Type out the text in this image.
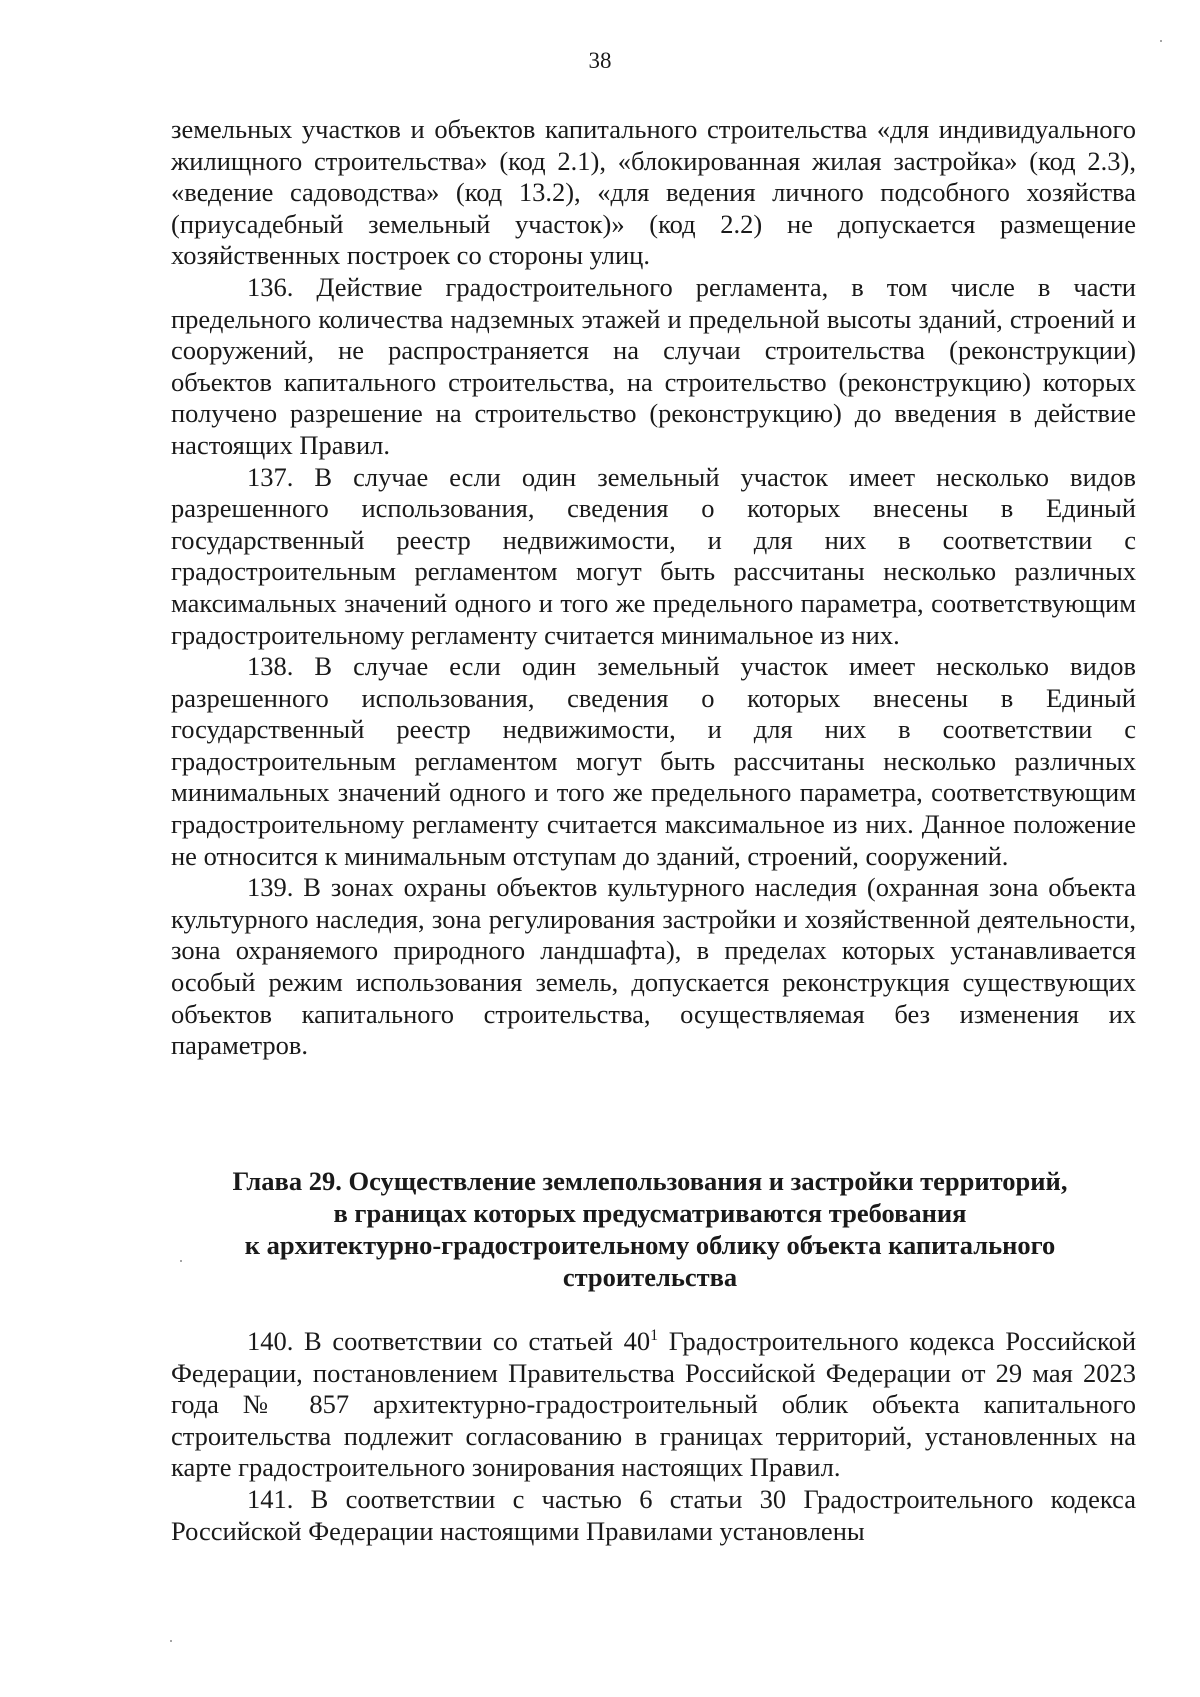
38

земельных участков и объектов капитального строительства «для индивидуального жилищного строительства» (код 2.1), «блокированная жилая застройка» (код 2.3), «ведение садоводства» (код 13.2), «для ведения личного подсобного хозяйства (приусадебный земельный участок)» (код 2.2) не допускается размещение хозяйственных построек со стороны улиц.

136. Действие градостроительного регламента, в том числе в части предельного количества надземных этажей и предельной высоты зданий, строений и сооружений, не распространяется на случаи строительства (реконструкции) объектов капитального строительства, на строительство (реконструкцию) которых получено разрешение на строительство (реконструкцию) до введения в действие настоящих Правил.

137. В случае если один земельный участок имеет несколько видов разрешенного использования, сведения о которых внесены в Единый государственный реестр недвижимости, и для них в соответствии с градостроительным регламентом могут быть рассчитаны несколько различных максимальных значений одного и того же предельного параметра, соответствующим градостроительному регламенту считается минимальное из них.

138. В случае если один земельный участок имеет несколько видов разрешенного использования, сведения о которых внесены в Единый государственный реестр недвижимости, и для них в соответствии с градостроительным регламентом могут быть рассчитаны несколько различных минимальных значений одного и того же предельного параметра, соответствующим градостроительному регламенту считается максимальное из них. Данное положение не относится к минимальным отступам до зданий, строений, сооружений.

139. В зонах охраны объектов культурного наследия (охранная зона объекта культурного наследия, зона регулирования застройки и хозяйственной деятельности, зона охраняемого природного ландшафта), в пределах которых устанавливается особый режим использования земель, допускается реконструкция существующих объектов капитального строительства, осуществляемая без изменения их параметров.

Глава 29. Осуществление землепользования и застройки территорий,
в границах которых предусматриваются требования
к архитектурно-градостроительному облику объекта капитального
строительства

140. В соответствии со статьей $40^1$ Градостроительного кодекса Российской Федерации, постановлением Правительства Российской Федерации от 29 мая 2023 года № 857 архитектурно-градостроительный облик объекта капитального строительства подлежит согласованию в границах территорий, установленных на карте градостроительного зонирования настоящих Правил.

141. В соответствии с частью 6 статьи 30 Градостроительного кодекса Российской Федерации настоящими Правилами установлены
